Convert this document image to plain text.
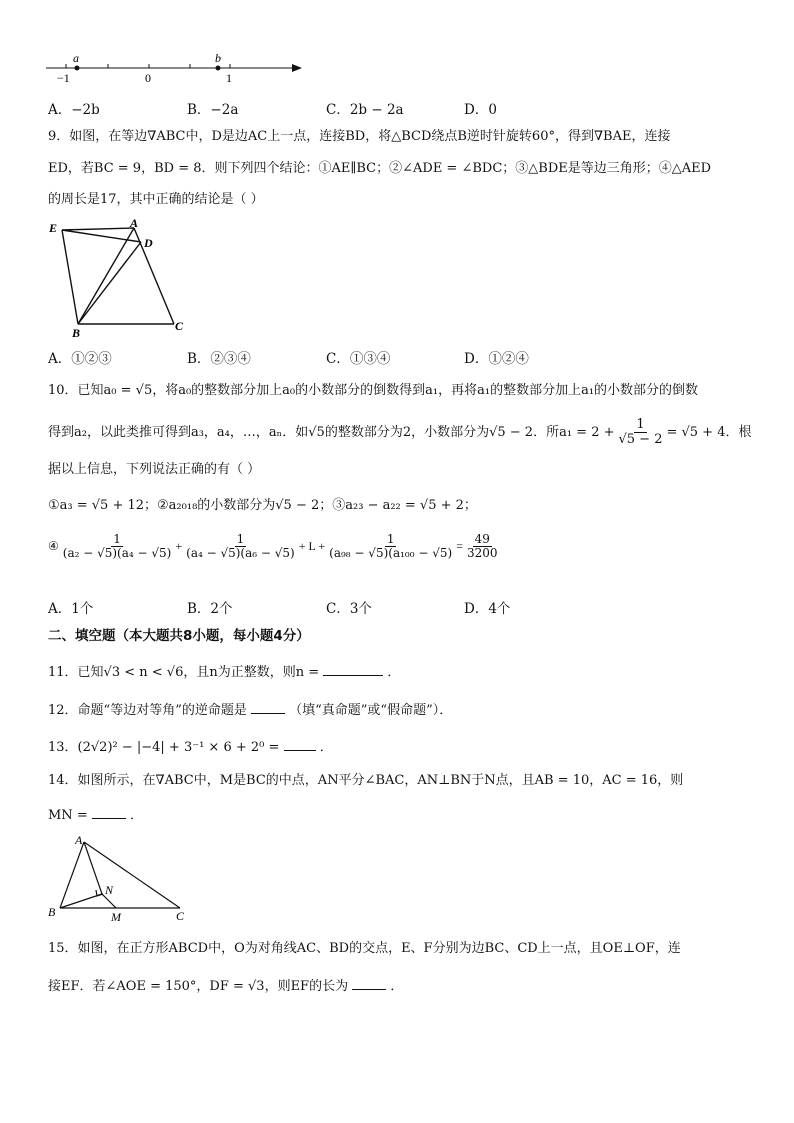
a	b
−1	0	1
A．−2b	B．−2a	C．2b − 2a	D．0
9．如图，在等边∇ABC中，D是边AC上一点，连接BD，将△BCD绕点B逆时针旋转60°，得到∇BAE，连接
ED，若BC = 9，BD = 8．则下列四个结论：①AE∥BC；②∠ADE = ∠BDC；③△BDE是等边三角形；④△AED
的周长是17，其中正确的结论是（ ）
E	A
D
B	C
A．①②③	B．②③④	C．①③④	D．①②④
10．已知a₀ = √5，将a₀的整数部分加上a₀的小数部分的倒数得到a₁，再将a₁的整数部分加上a₁的小数部分的倒数
得到a₂，以此类推可得到a₃，a₄，…，aₙ．如√5的整数部分为2，小数部分为√5 − 2．所$a_1 = 2 + \frac{1}{√5 - 2} = √5 + 4$．根
据以上信息，下列说法正确的有（ ）
①a₃ = √5 + 12；②a₂₀₁₈的小数部分为√5 − 2；③a₂₃ − a₂₂ = √5 + 2；
④ $\frac{1}{\text{(a₂ − √5)(a₄ − √5)}} + \frac{1}{\text{(a₄ − √5)(a₆ − √5)}} + L + \frac{1}{\text{(a₉₈ − √5)(a₁₀₀ − √5)}} = \frac{49}{3200}$
A．1个	B．2个	C．3个	D．4个
二、填空题（本大题共8小题，每小题4分）
11．已知√3 < n < √6，且n为正整数，则n =	．
12．命题“等边对等角”的逆命题是	（填“真命题”或“假命题”）．
13．(2√2)² − |−4| + 3⁻¹ × 6 + 2⁰ =	．
14．如图所示，在∇ABC中，M是BC的中点，AN平分∠BAC，AN⊥BN于N点，且AB = 10，AC = 16，则
MN =	．
A
B	C
M
N
15．如图，在正方形ABCD中，O为对角线AC、BD的交点，E、F分别为边BC、CD上一点，且OE⊥OF，连
接EF．若∠AOE = 150°，DF = √3，则EF的长为	．
